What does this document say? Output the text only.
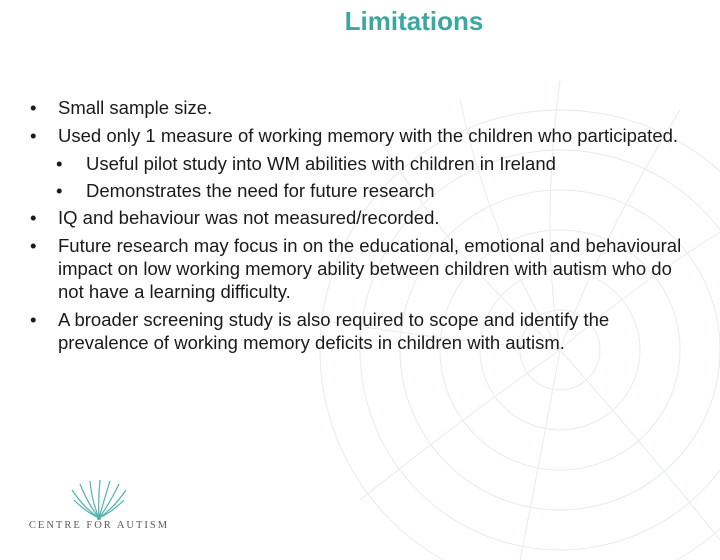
Limitations
•	Small sample size.
•	Used only 1 measure of working memory with the children who participated.
•	Useful pilot study into WM abilities with children in Ireland
•	Demonstrates the need for future research
•	IQ and behaviour was not measured/recorded.
•	Future research may focus in on the educational, emotional and behavioural impact on low working memory ability between children with autism who do not have a learning difficulty.
•	A broader screening study is also required to scope and identify the prevalence of working memory deficits in children with autism.
CENTRE FOR AUTISM
